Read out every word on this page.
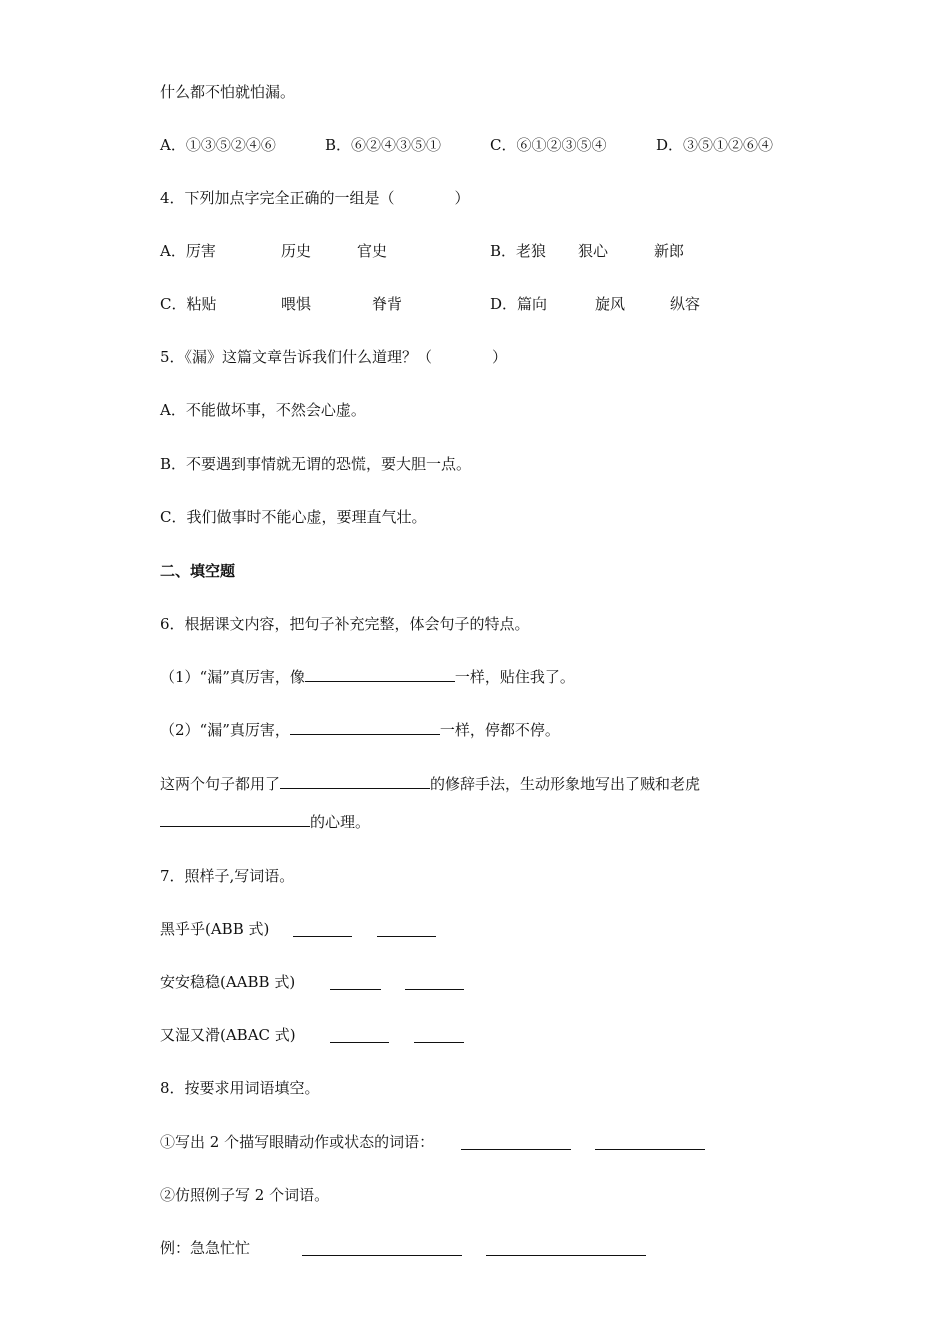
什么都不怕就怕漏。
A．①③⑤②④⑥	B．⑥②④③⑤①	C．⑥①②③⑤④	D．③⑤①②⑥④
4．下列加点字完全正确的一组是（　　　　）
A．厉害	历史	官史	B．老狼 狠心	新郎
C．粘贴	喂惧	脊背	D．篇向	旋风	纵容
5．《漏》这篇文章告诉我们什么道理？（　　　　）
A．不能做坏事，不然会心虚。
B．不要遇到事情就无谓的恐慌，要大胆一点。
C．我们做事时不能心虚，要理直气壮。
二、填空题
6．根据课文内容，把句子补充完整，体会句子的特点。
（1）“漏”真厉害，像	一样，贴住我了。
（2）“漏”真厉害，	一样，停都不停。
这两个句子都用了	的修辞手法，生动形象地写出了贼和老虎
的心理。
7．照样子,写词语。
黑乎乎(ABB 式)
安安稳稳(AABB 式)
又湿又滑(ABAC 式)
8．按要求用词语填空。
①写出 2 个描写眼睛动作或状态的词语：
②仿照例子写 2 个词语。
例：急急忙忙
